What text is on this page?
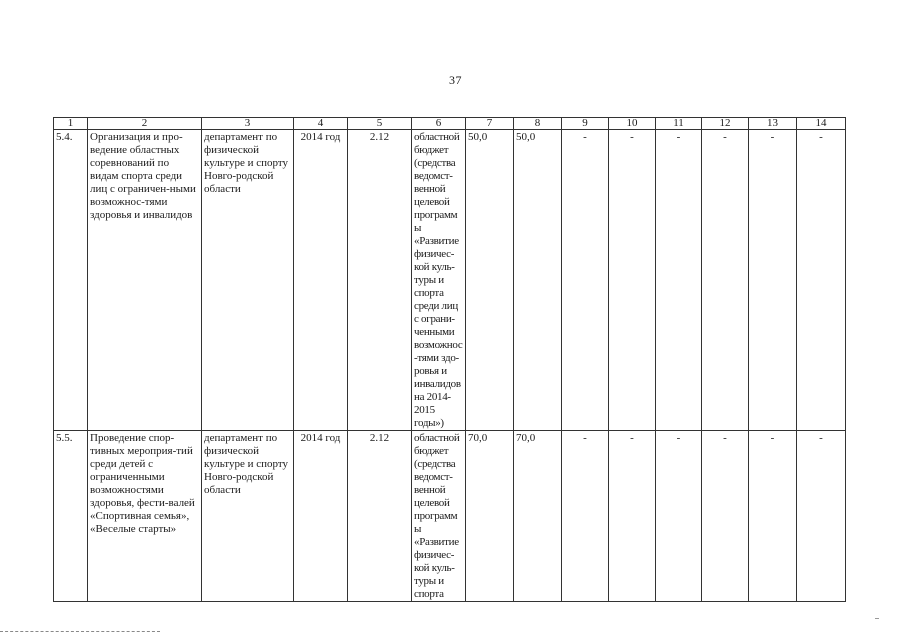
37
1	2	3	4	5	6	7	8	9	10	11	12	13	14
5.4.	Организация и про-ведение областных соревнований по видам спорта среди лиц с ограничен-ными возможнос-тями здоровья и инвалидов	департамент по физической культуре и спорту Новго-родской области	2014 год	2.12	областной бюджет (средства ведомст-венной целевой программы «Развитие физичес-кой куль-туры и спорта среди лиц с ограни-ченными возможнос-тями здо-ровья и инвалидов на 2014-2015 годы»)	50,0	50,0	-	-	-	-	-	-
5.5.	Проведение спор-тивных мероприя-тий среди детей с ограниченными возможностями здоровья, фести-валей «Спортивная семья», «Веселые старты»	департамент по физической культуре и спорту Новго-родской области	2014 год	2.12	областной бюджет (средства ведомст-венной целевой программы «Развитие физичес-кой куль-туры и спорта	70,0	70,0	-	-	-	-	-	-
